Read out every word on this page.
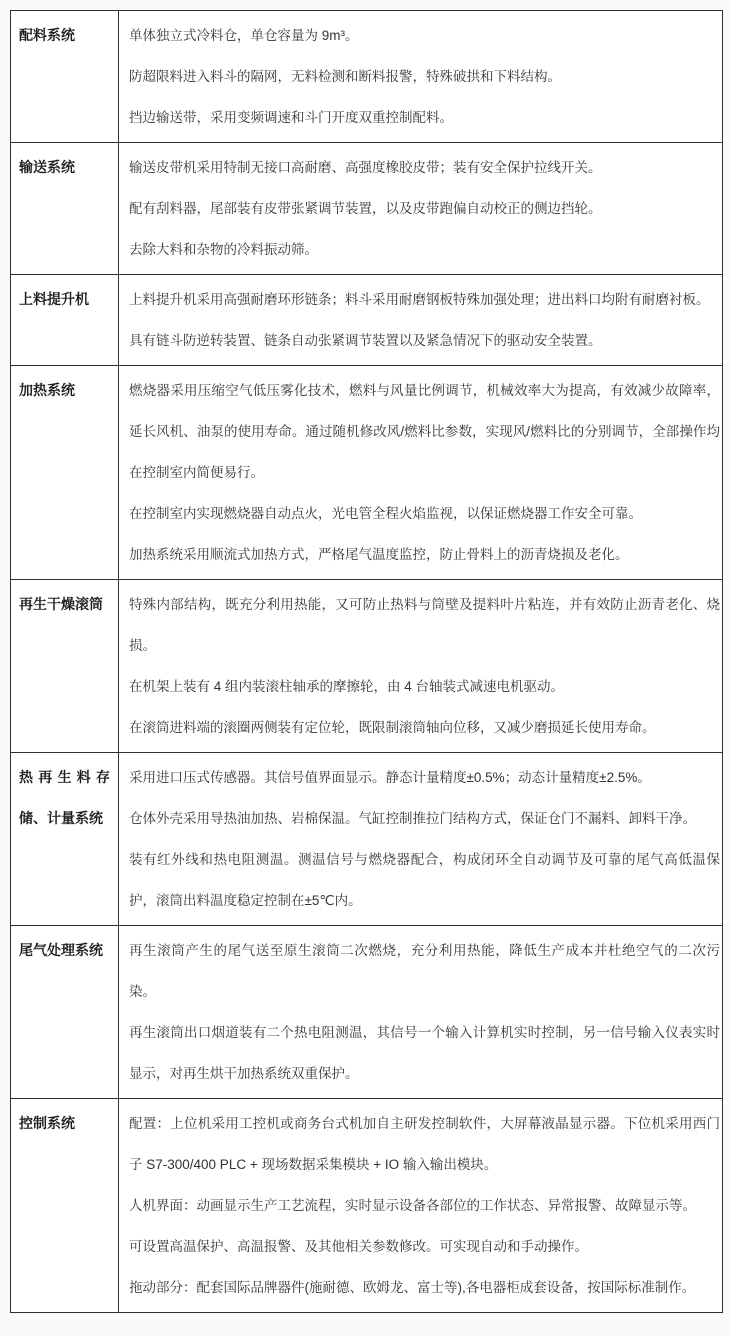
配料系统	单体独立式冷料仓，单仓容量为 9m³。
防超限料进入料斗的隔网，无料检测和断料报警，特殊破拱和下料结构。
挡边输送带，采用变频调速和斗门开度双重控制配料。

输送系统	输送皮带机采用特制无接口高耐磨、高强度橡胶皮带；装有安全保护拉线开关。
配有刮料器，尾部装有皮带张紧调节装置，以及皮带跑偏自动校正的侧边挡轮。
去除大料和杂物的冷料振动筛。

上料提升机	上料提升机采用高强耐磨环形链条；料斗采用耐磨钢板特殊加强处理；进出料口均附有耐磨衬板。
具有链斗防逆转装置、链条自动张紧调节装置以及紧急情况下的驱动安全装置。

加热系统	燃烧器采用压缩空气低压雾化技术，燃料与风量比例调节，机械效率大为提高，有效减少故障率，延长风机、油泵的使用寿命。通过随机修改风/燃料比参数，实现风/燃料比的分别调节，全部操作均在控制室内简便易行。
在控制室内实现燃烧器自动点火，光电管全程火焰监视，以保证燃烧器工作安全可靠。
加热系统采用顺流式加热方式，严格尾气温度监控，防止骨料上的沥青烧损及老化。

再生干燥滚筒	特殊内部结构，既充分利用热能，又可防止热料与筒壁及提料叶片粘连，并有效防止沥青老化、烧损。
在机架上装有 4 组内装滚柱轴承的摩擦轮，由 4 台轴装式减速电机驱动。
在滚筒进料端的滚圈两侧装有定位轮，既限制滚筒轴向位移，又减少磨损延长使用寿命。

热再生料存储、计量系统	采用进口压式传感器。其信号值界面显示。静态计量精度±0.5%；动态计量精度±2.5%。
仓体外壳采用导热油加热、岩棉保温。气缸控制推拉门结构方式，保证仓门不漏料、卸料干净。
装有红外线和热电阻测温。测温信号与燃烧器配合，构成闭环全自动调节及可靠的尾气高低温保护，滚筒出料温度稳定控制在±5℃内。

尾气处理系统	再生滚筒产生的尾气送至原生滚筒二次燃烧，充分利用热能，降低生产成本并杜绝空气的二次污染。
再生滚筒出口烟道装有二个热电阻测温，其信号一个输入计算机实时控制，另一信号输入仪表实时显示，对再生烘干加热系统双重保护。

控制系统	配置：上位机采用工控机或商务台式机加自主研发控制软件，大屏幕液晶显示器。下位机采用西门子 S7-300/400 PLC + 现场数据采集模块 + IO 输入输出模块。
人机界面：动画显示生产工艺流程，实时显示设备各部位的工作状态、异常报警、故障显示等。
可设置高温保护、高温报警、及其他相关参数修改。可实现自动和手动操作。
拖动部分：配套国际品牌器件(施耐德、欧姆龙、富士等),各电器柜成套设备，按国际标准制作。
